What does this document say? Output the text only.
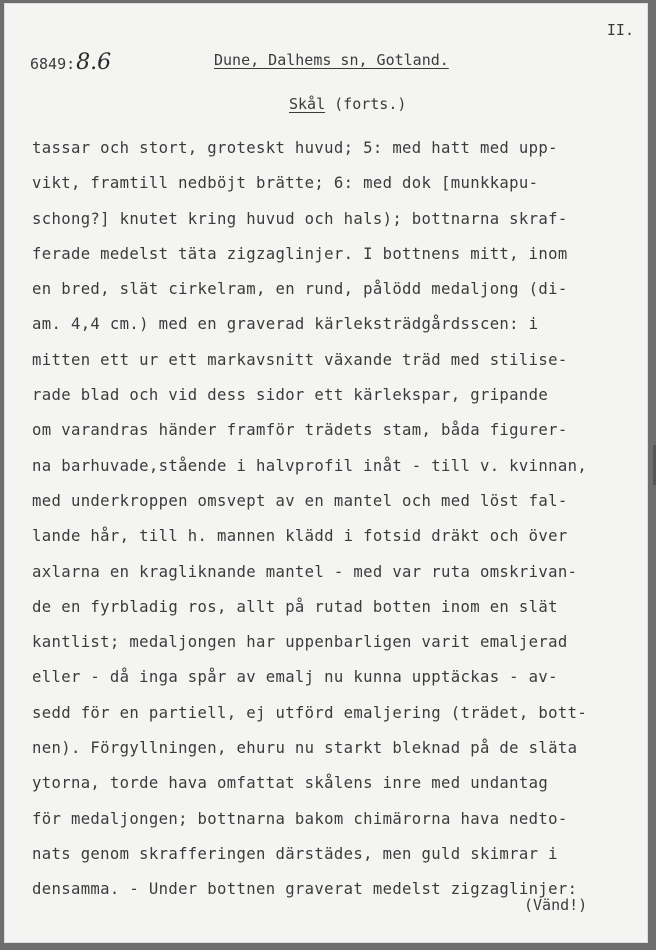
II.
6849:8.6	Dune, Dalhems sn, Gotland.
Skål (forts.)
tassar och stort, groteskt huvud; 5: med hatt med upp-
vikt, framtill nedböjt brätte; 6: med dok [munkkapu-
schong?] knutet kring huvud och hals); bottnarna skraf-
ferade medelst täta zigzaglinjer. I bottnens mitt, inom
en bred, slät cirkelram, en rund, pålödd medaljong (di-
am. 4,4 cm.) med en graverad kärleksträdgårdsscen: i
mitten ett ur ett markavsnitt växande träd med stilise-
rade blad och vid dess sidor ett kärlekspar, gripande
om varandras händer framför trädets stam, båda figurer-
na barhuvade,stående i halvprofil inåt - till v. kvinnan,
med underkroppen omsvept av en mantel och med löst fal-
lande hår, till h. mannen klädd i fotsid dräkt och över
axlarna en kragliknande mantel - med var ruta omskrivan-
de en fyrbladig ros, allt på rutad botten inom en slät
kantlist; medaljongen har uppenbarligen varit emaljerad
eller - då inga spår av emalj nu kunna upptäckas - av-
sedd för en partiell, ej utförd emaljering (trädet, bott-
nen). Förgyllningen, ehuru nu starkt bleknad på de släta
ytorna, torde hava omfattat skålens inre med undantag
för medaljongen; bottnarna bakom chimärorna hava nedto-
nats genom skrafferingen därstädes, men guld skimrar i
densamma. - Under bottnen graverat medelst zigzaglinjer:
(Vänd!)
